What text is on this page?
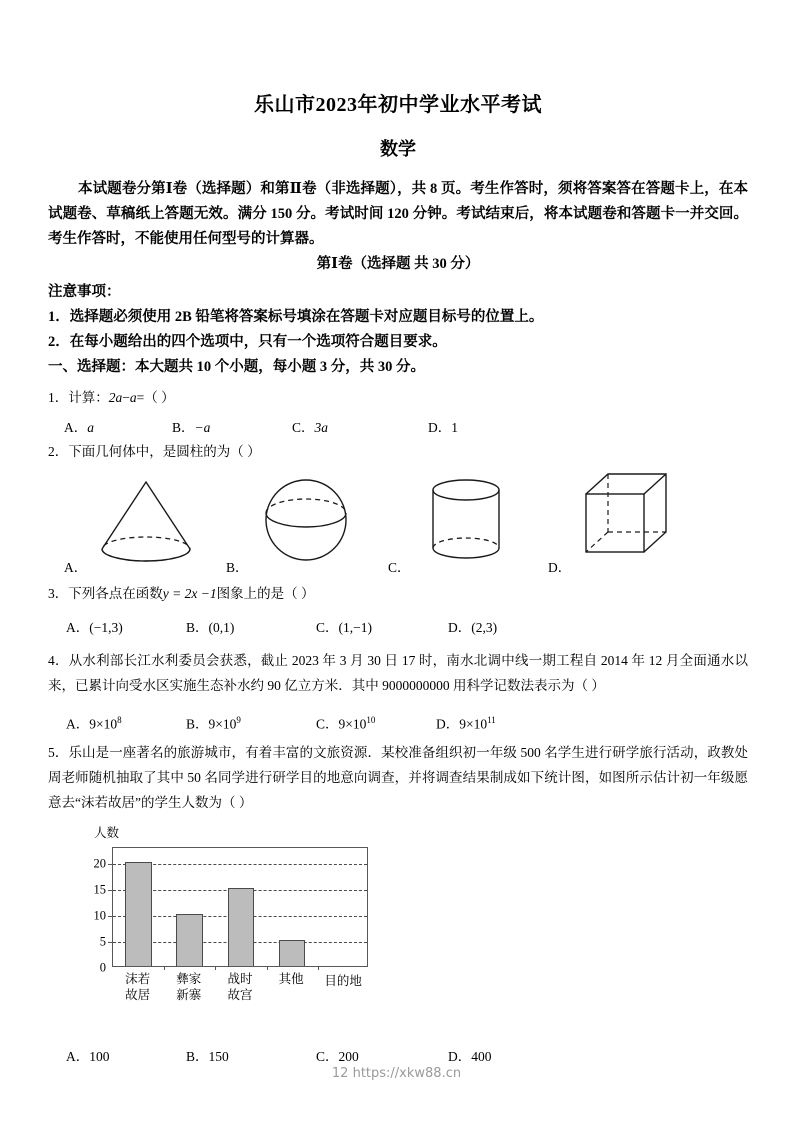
乐山市2023年初中学业水平考试
数学

本试题卷分第Ⅰ卷（选择题）和第Ⅱ卷（非选择题），共 8 页。考生作答时，须将答案答在答题卡上，在本试题卷、草稿纸上答题无效。满分 150 分。考试时间 120 分钟。考试结束后，将本试题卷和答题卡一并交回。考生作答时，不能使用任何型号的计算器。

第Ⅰ卷（选择题 共 30 分）

注意事项：

1．选择题必须使用 2B 铅笔将答案标号填涂在答题卡对应题目标号的位置上。

2．在每小题给出的四个选项中，只有一个选项符合题目要求。

一、选择题：本大题共 10 个小题，每小题 3 分，共 30 分。

1．计算：2a−a=（ ）

A．a	B．−a	C．3a	D．1

2．下面几何体中，是圆柱的为（ ）

A．	B．	C．	D．

3．下列各点在函数y = 2x −1图象上的是（ ）

A．(−1,3)	B．(0,1)	C．(1,−1)	D．(2,3)

4．从水利部长江水利委员会获悉，截止 2023 年 3 月 30 日 17 时，南水北调中线一期工程自 2014 年 12 月全面通水以来，已累计向受水区实施生态补水约 90 亿立方米．其中 9000000000 用科学记数法表示为（ ）

A．$9\times 10^8$	B．$9\times 10^9$	C．$9\times 10^{10}$	D．$9\times 10^{11}$

5．乐山是一座著名的旅游城市，有着丰富的文旅资源．某校准备组织初一年级 500 名学生进行研学旅行活动，政教处周老师随机抽取了其中 50 名同学进行研学目的地意向调查，并将调查结果制成如下统计图，如图所示估计初一年级愿意去“沫若故居”的学生人数为（ ）

人数
0
5
10
15
20
沫若
故居
彝家
新寨
战时
故宫
其他	目的地
A．100	B．150	C．200	D．400
12 https://xkw88.cn
